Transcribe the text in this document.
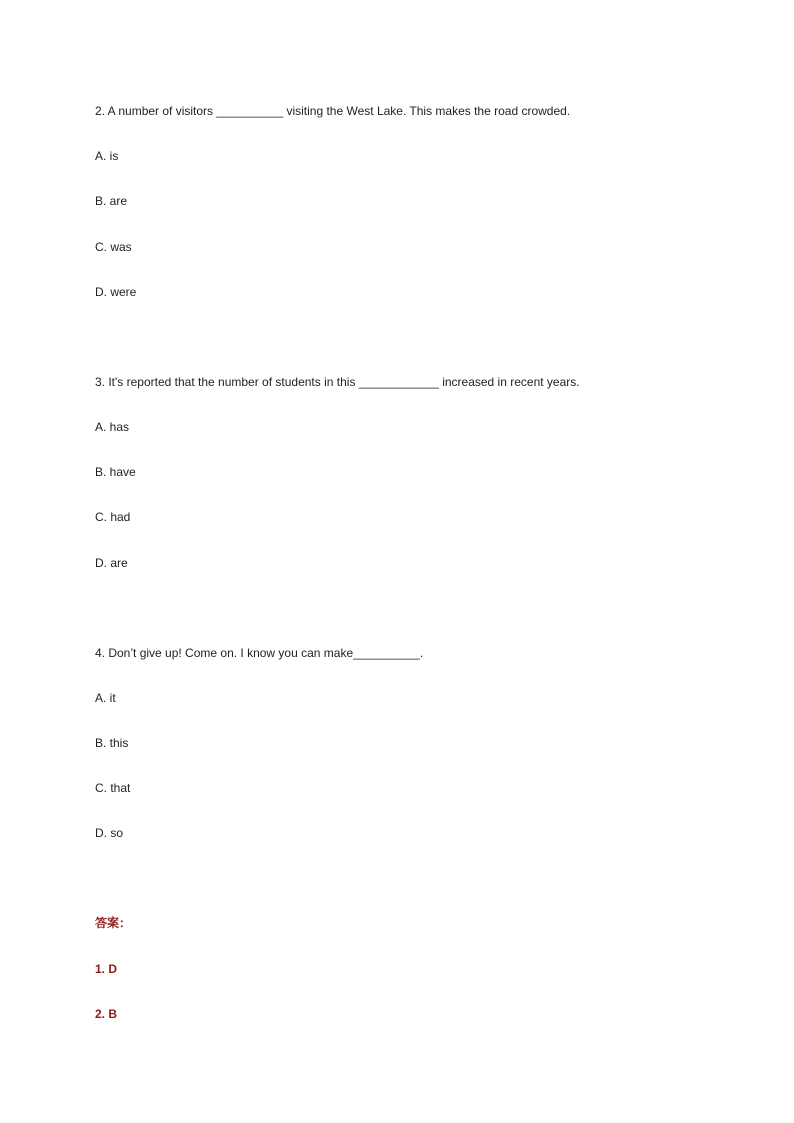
2. A number of visitors __________ visiting the West Lake. This makes the road crowded.
A. is
B. are
C. was
D. were
3. It's reported that the number of students in this ____________ increased in recent years.
A. has
B. have
C. had
D. are
4. Don’t give up! Come on. I know you can make__________.
A. it
B. this
C. that
D. so
答案：
1. D
2. B
